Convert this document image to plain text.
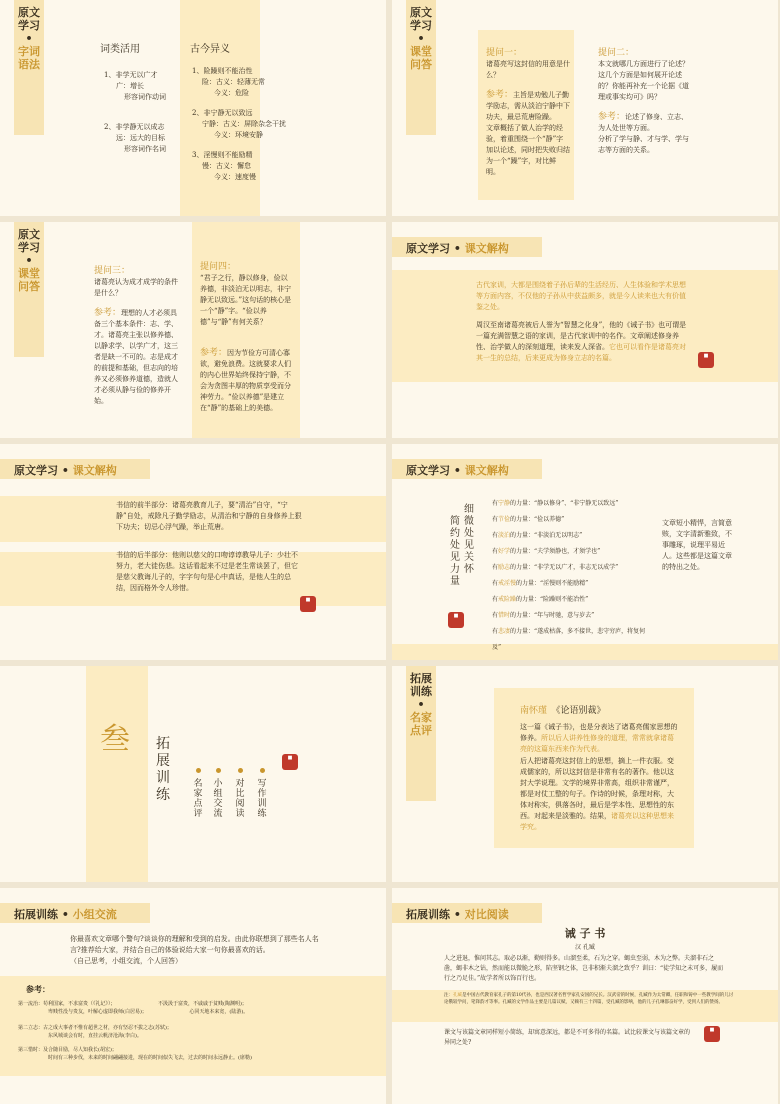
原文学习
•
字词语法
词类活用
1、非学无以广才
广：增长
形容词作动词
2、非学静无以成志
远：远大的目标
形容词作名词
古今异义
1、险躁则不能治性
险：古义：轻薄无常
今义：危险
2、非宁静无以致远
宁静：古义：屏除杂念干扰
今义：环境安静
3、淫慢则不能励精
慢：古义：懈怠
今义：速度慢
原文学习
•
课堂问答
提问一：
诸葛亮写这封信的用意是什么？
参考：主旨是劝勉儿子勤学励志，需从淡泊宁静中下功夫，最忌荒唐险躁。
文章概括了做人治学的经验，着重围绕一个“静”字加以论述，同时把失败归结为一个“躁”字，对比鲜明。
提问二：
本文就哪几方面进行了论述？这几个方面是如何展开论述的？你能再补充一个论据《道理或事实均可》吗？
参考：论述了修身、立志、为人处世等方面。
分析了学与静、才与学、学与志等方面的关系。
原文学习
•
课堂问答
提问三：
诸葛亮认为成才成学的条件是什么？
参考：理想的人才必须具备三个基本条件：志、学、才。诸葛亮主张以修养德、以静求学、以学广才，这三者是缺一不可的。志是成才的前提和基础，但志向的培养又必须修养道德，造就人才必须从静与俭的修养开始。
提问四：
“君子之行，静以修身，俭以养德，非淡泊无以明志，非宁静无以致远。”这句话的核心是一个“静”字。“俭以养德”与“静”有何关系？
参考：因为节俭方可清心寡欲，避免浪费。这就要求人们的内心世界始终保持宁静，不会为贪图丰厚的物质享受而分神劳力。“俭以养德”是建立在“静”的基础上的美德。
原文学习 • 课文解构
古代家训，大都是围绕着子孙后辈的生活经历、人生体验和学术思想等方面内容，不仅他的子孙从中获益颇多，就是今人读来也大有价值鉴之处。
周汉至南诸葛亮被后人誉为“智慧之化身”，他的《诫子书》也可谓是一篇充满智慧之语的家训，是古代家训中的名作。文章阐述修身养性、治学做人的深刻道理，读来发人深省。它也可以看作是诸葛亮对其一生的总结，后来更成为修身立志的名篇。	■
原文学习 • 课文解构
书信的前半部分：诸葛亮教育儿子，要“清治”自守，“宁静”自处，戒除凡子勤学励志，从清治和宁静的自身修养上狠下功夫；切忌心浮气躁，举止荒唐。
书信的后半部分：他则以慈父的口吻谆谆教导儿子：少壮不努力，老大徒伤悲。这话看起来不过是老生常谈罢了，但它是慈父教诲儿子的，字字句句是心中真话，是他人生的总结，因而格外令人珍惜。
■
原文学习 • 课文解构
细微处见关怀
简约处见力量
有宁静的力量：“静以修身”、“非宁静无以致远”
有节俭的力量：“俭以养德”
有淡泊的力量：“非淡泊无以明志”
有好学的力量：“夫学须静也，才须学也”
有励志的力量：“非学无以广才，非志无以成学”
有戒淫慢的力量：“淫慢则不能励精”
有戒险躁的力量：“险躁则不能冶性”
有惜时的力量：“年与时驰，意与岁去”
有悲凄的力量：“遂成枯落，多不接世，悲守穷庐，将复何及”
文章短小精悍，言简意赅，文字清新雅致，不事雕琢，说理平易近人。这些都是这篇文章的特出之处。
■
叁 拓展训练
名家点评
小组交流
对比阅读
写作训练
■
拓展训练
•
名家点评
南怀瑾　 《论语别裁》
这一篇《诫子书》，也是分表达了诸葛亮儒家思想的修养。所以后人讲养性修身的道理，常常就拿诸葛亮的这篇东西来作为代表。
后人把诸葛亮这封信上的思想，摘上一件衣服。变成儒家的，所以这封信是非常有名的著作。他以这封大学说理。文学的境界非常高，组织非常谨严，都是对仗工整的句子。作诗的时候，条理对称，大体对称实，俱落各时，最后是学本性、思想性的东西。对起来是淡雅的。结果，诸葛亮以这种思想来学究。
拓展训练 • 小组交流
你最喜欢文章哪个警句?谈谈你的理解和受到的启发。由此你联想到了那些名人名言?推荐给大家，并结合自己的体验说给大家一句你最喜欢的话。
（自己思考，小组交流，个人回答）
参考：
第一流治：苟利国家，不求富贵（《礼记》）；　　　　　　　　　不汲汲于富贵，不戚戚于贫贱(陶渊明)；
卑贱性没与贵友，叶解心虚即我师(白居易)；　　　　　　　　　心同天地本来宽，(陆游)。
第二立志：古之成大事者不惟有超世之材，亦有坚忍不拔之志(苏轼)；
东风城谈会有时，直挂云帆济沧海(李白)。
第三惜时：及合随目励，尽人知我长(胡宏)；
时间有三种步伐，未来的时间翩翩接进，现在的时间似失飞去，过去的时间永远静止。(席勒)
拓展训练 • 对比阅读
诫 子 书
汉 孔臧
人之进退，惟问其志。取必以渐，勤则得多。山溜至柔，石为之穿。蝎虫至弱，木为之弊。夫溜非石之凿，蝎非木之钻，然而能以微脆之形，陷坚钢之体，岂非积渐夫溜之致乎？训曰：“徒学知之未可多，履而行之乃足佳。”故学者所以饰百行也。
注：孔臧是中国古代教育家孔子的第10代孙，也是西汉著名哲学家孔安国的兄长。汉武帝的时候，孔臧作为太常卿，任职和铸中一些教学间的儿讨论俄较学问，笔锋韵才等事。孔臧的文学作品主要是儿篇议赋，又赖有三十四篇，受孔臧的影响，他的儿子孔琳都奋好学，受到人们的赞扬。
课文与该篇文章同样短小简练，却寓意深远，都是不可多得的名篇。试比较课文与该篇文章的异同之处?
■
